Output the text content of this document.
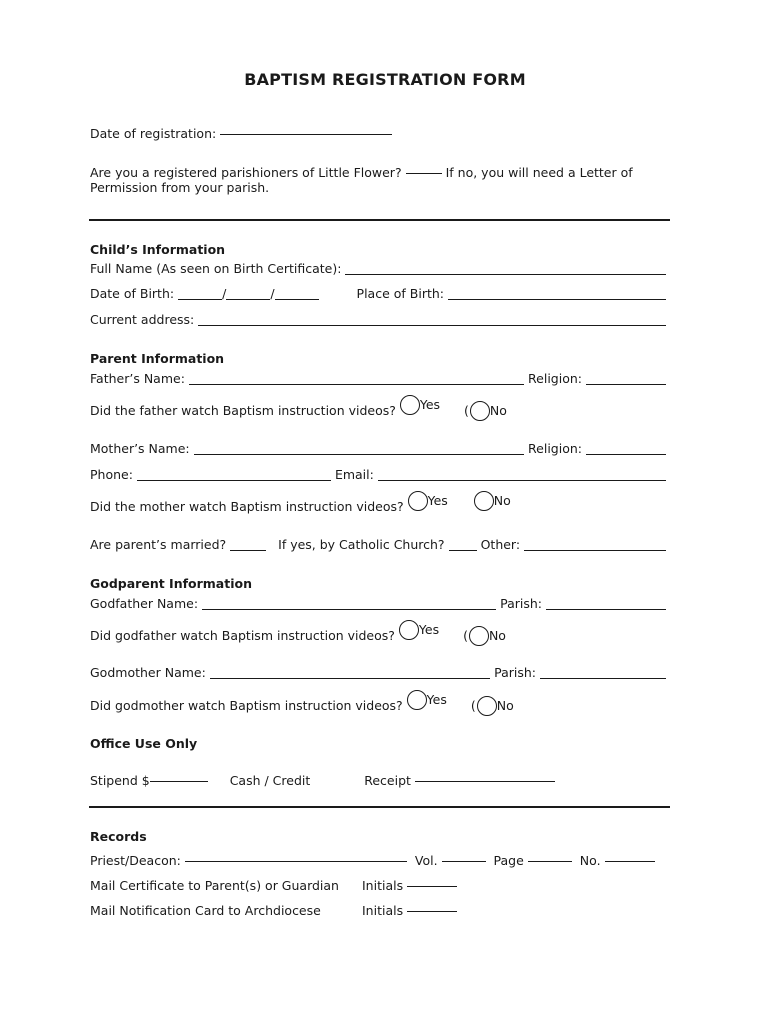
BAPTISM REGISTRATION FORM
Date of registration:
Are you a registered parishioners of Little Flower?	If no, you will need a Letter of
Permission from your parish.
Child’s Information
Full Name (As seen on Birth Certificate):
Date of Birth:	/	/	Place of Birth:
Current address:
Parent Information
Father’s Name:	Religion:
Did the father watch Baptism instruction videos? Yes
( No
Mother’s Name:	Religion:
Phone:	Email:
Did the mother watch Baptism instruction videos? Yes
	No
Are parent’s married?	If yes, by Catholic Church?	Other:
Godparent Information
Godfather Name:	Parish:
Did godfather watch Baptism instruction videos? Yes
( No
Godmother Name:	Parish:
Did godmother watch Baptism instruction videos? Yes
( No
Office Use Only
Stipend $	Cash / Credit	Receipt
Records
Priest/Deacon:	Vol.	Page	No.
Mail Certificate to Parent(s) or Guardian Initials
Mail Notification Card to Archdiocese	Initials
